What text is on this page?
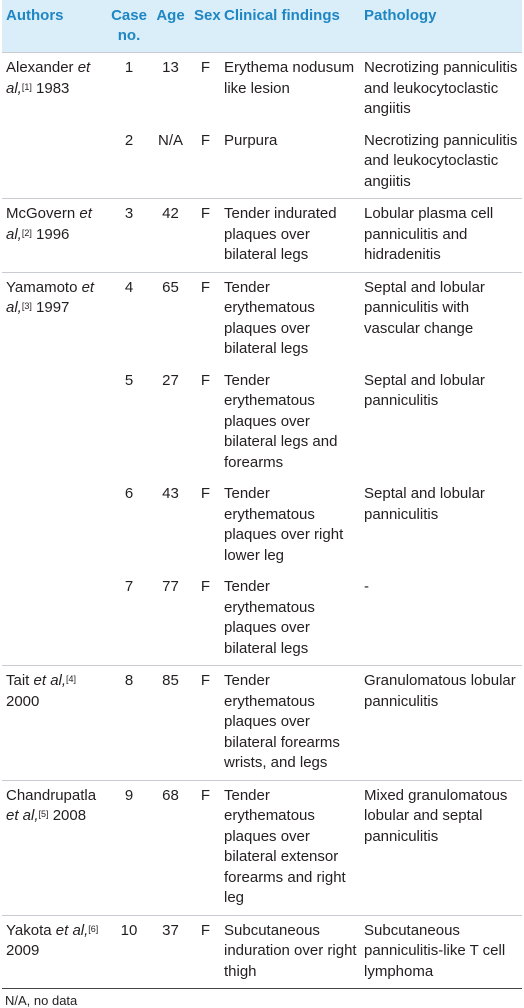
Authors	Case no.	Age	Sex	Clinical findings	Pathology
Alexander et al,[1] 1983	1	13	F	Erythema nodusum like lesion	Necrotizing panniculitis and leukocytoclastic angiitis
	2	N/A	F	Purpura	Necrotizing panniculitis and leukocytoclastic angiitis
McGovern et al,[2] 1996	3	42	F	Tender indurated plaques over bilateral legs	Lobular plasma cell panniculitis and hidradenitis
Yamamoto et al,[3] 1997	4	65	F	Tender erythematous plaques over bilateral legs	Septal and lobular panniculitis with vascular change
	5	27	F	Tender erythematous plaques over bilateral legs and forearms	Septal and lobular panniculitis
	6	43	F	Tender erythematous plaques over right lower leg	Septal and lobular panniculitis
	7	77	F	Tender erythematous plaques over bilateral legs	-
Tait et al,[4] 2000	8	85	F	Tender erythematous plaques over bilateral forearms wrists, and legs	Granulomatous lobular panniculitis
Chandrupatla et al,[5] 2008	9	68	F	Tender erythematous plaques over bilateral extensor forearms and right leg	Mixed granulomatous lobular and septal panniculitis
Yakota et al,[6] 2009	10	37	F	Subcutaneous induration over right thigh	Subcutaneous panniculitis-like T cell lymphoma
N/A, no data
